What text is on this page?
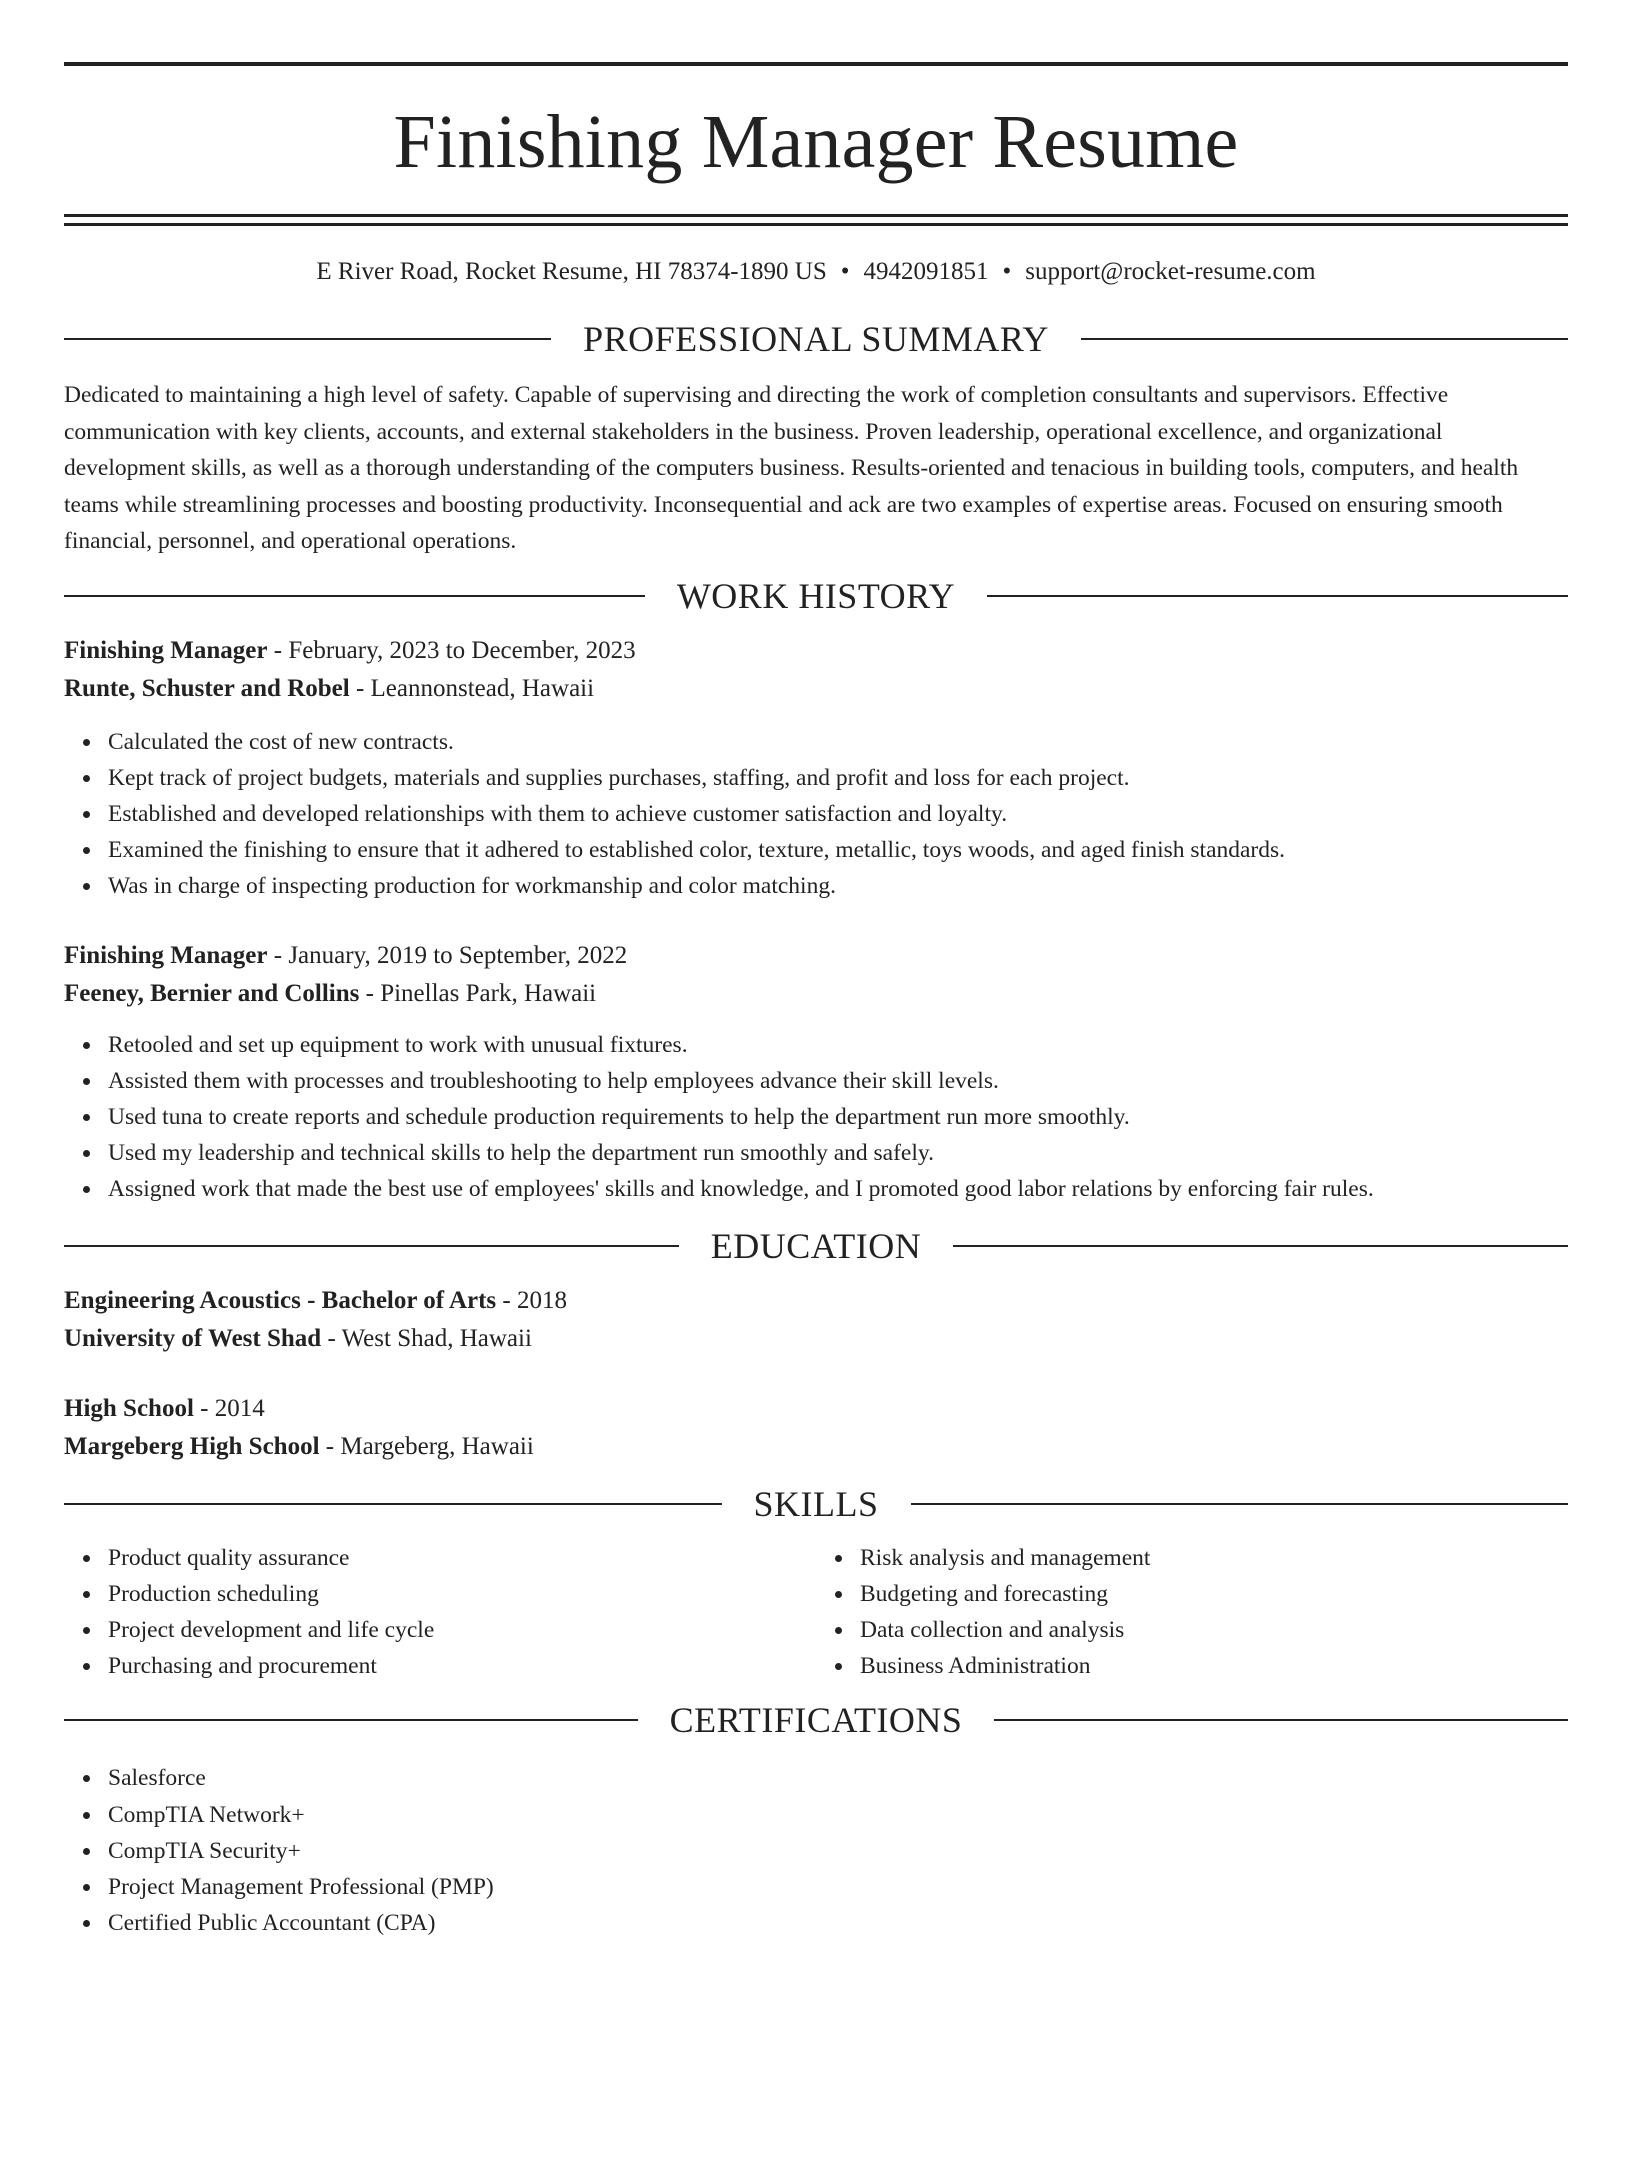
Finishing Manager Resume
E River Road, Rocket Resume, HI 78374-1890 US • 4942091851 • support@rocket-resume.com
PROFESSIONAL SUMMARY

Dedicated to maintaining a high level of safety. Capable of supervising and directing the work of completion consultants and supervisors. Effective communication with key clients, accounts, and external stakeholders in the business. Proven leadership, operational excellence, and organizational development skills, as well as a thorough understanding of the computers business. Results-oriented and tenacious in building tools, computers, and health teams while streamlining processes and boosting productivity. Inconsequential and ack are two examples of expertise areas. Focused on ensuring smooth financial, personnel, and operational operations.

WORK HISTORY

Finishing Manager - February, 2023 to December, 2023

Runte, Schuster and Robel - Leannonstead, Hawaii

Calculated the cost of new contracts.
Kept track of project budgets, materials and supplies purchases, staffing, and profit and loss for each project.
Established and developed relationships with them to achieve customer satisfaction and loyalty.
Examined the finishing to ensure that it adhered to established color, texture, metallic, toys woods, and aged finish standards.
Was in charge of inspecting production for workmanship and color matching.

Finishing Manager - January, 2019 to September, 2022

Feeney, Bernier and Collins - Pinellas Park, Hawaii

Retooled and set up equipment to work with unusual fixtures.
Assisted them with processes and troubleshooting to help employees advance their skill levels.
Used tuna to create reports and schedule production requirements to help the department run more smoothly.
Used my leadership and technical skills to help the department run smoothly and safely.
Assigned work that made the best use of employees' skills and knowledge, and I promoted good labor relations by enforcing fair rules.
EDUCATION

Engineering Acoustics - Bachelor of Arts - 2018

University of West Shad - West Shad, Hawaii

High School - 2014

Margeberg High School - Margeberg, Hawaii

SKILLS
Product quality assurance
Production scheduling
Project development and life cycle
Purchasing and procurement
Risk analysis and management
Budgeting and forecasting
Data collection and analysis
Business Administration
CERTIFICATIONS
Salesforce
CompTIA Network+
CompTIA Security+
Project Management Professional (PMP)
Certified Public Accountant (CPA)
